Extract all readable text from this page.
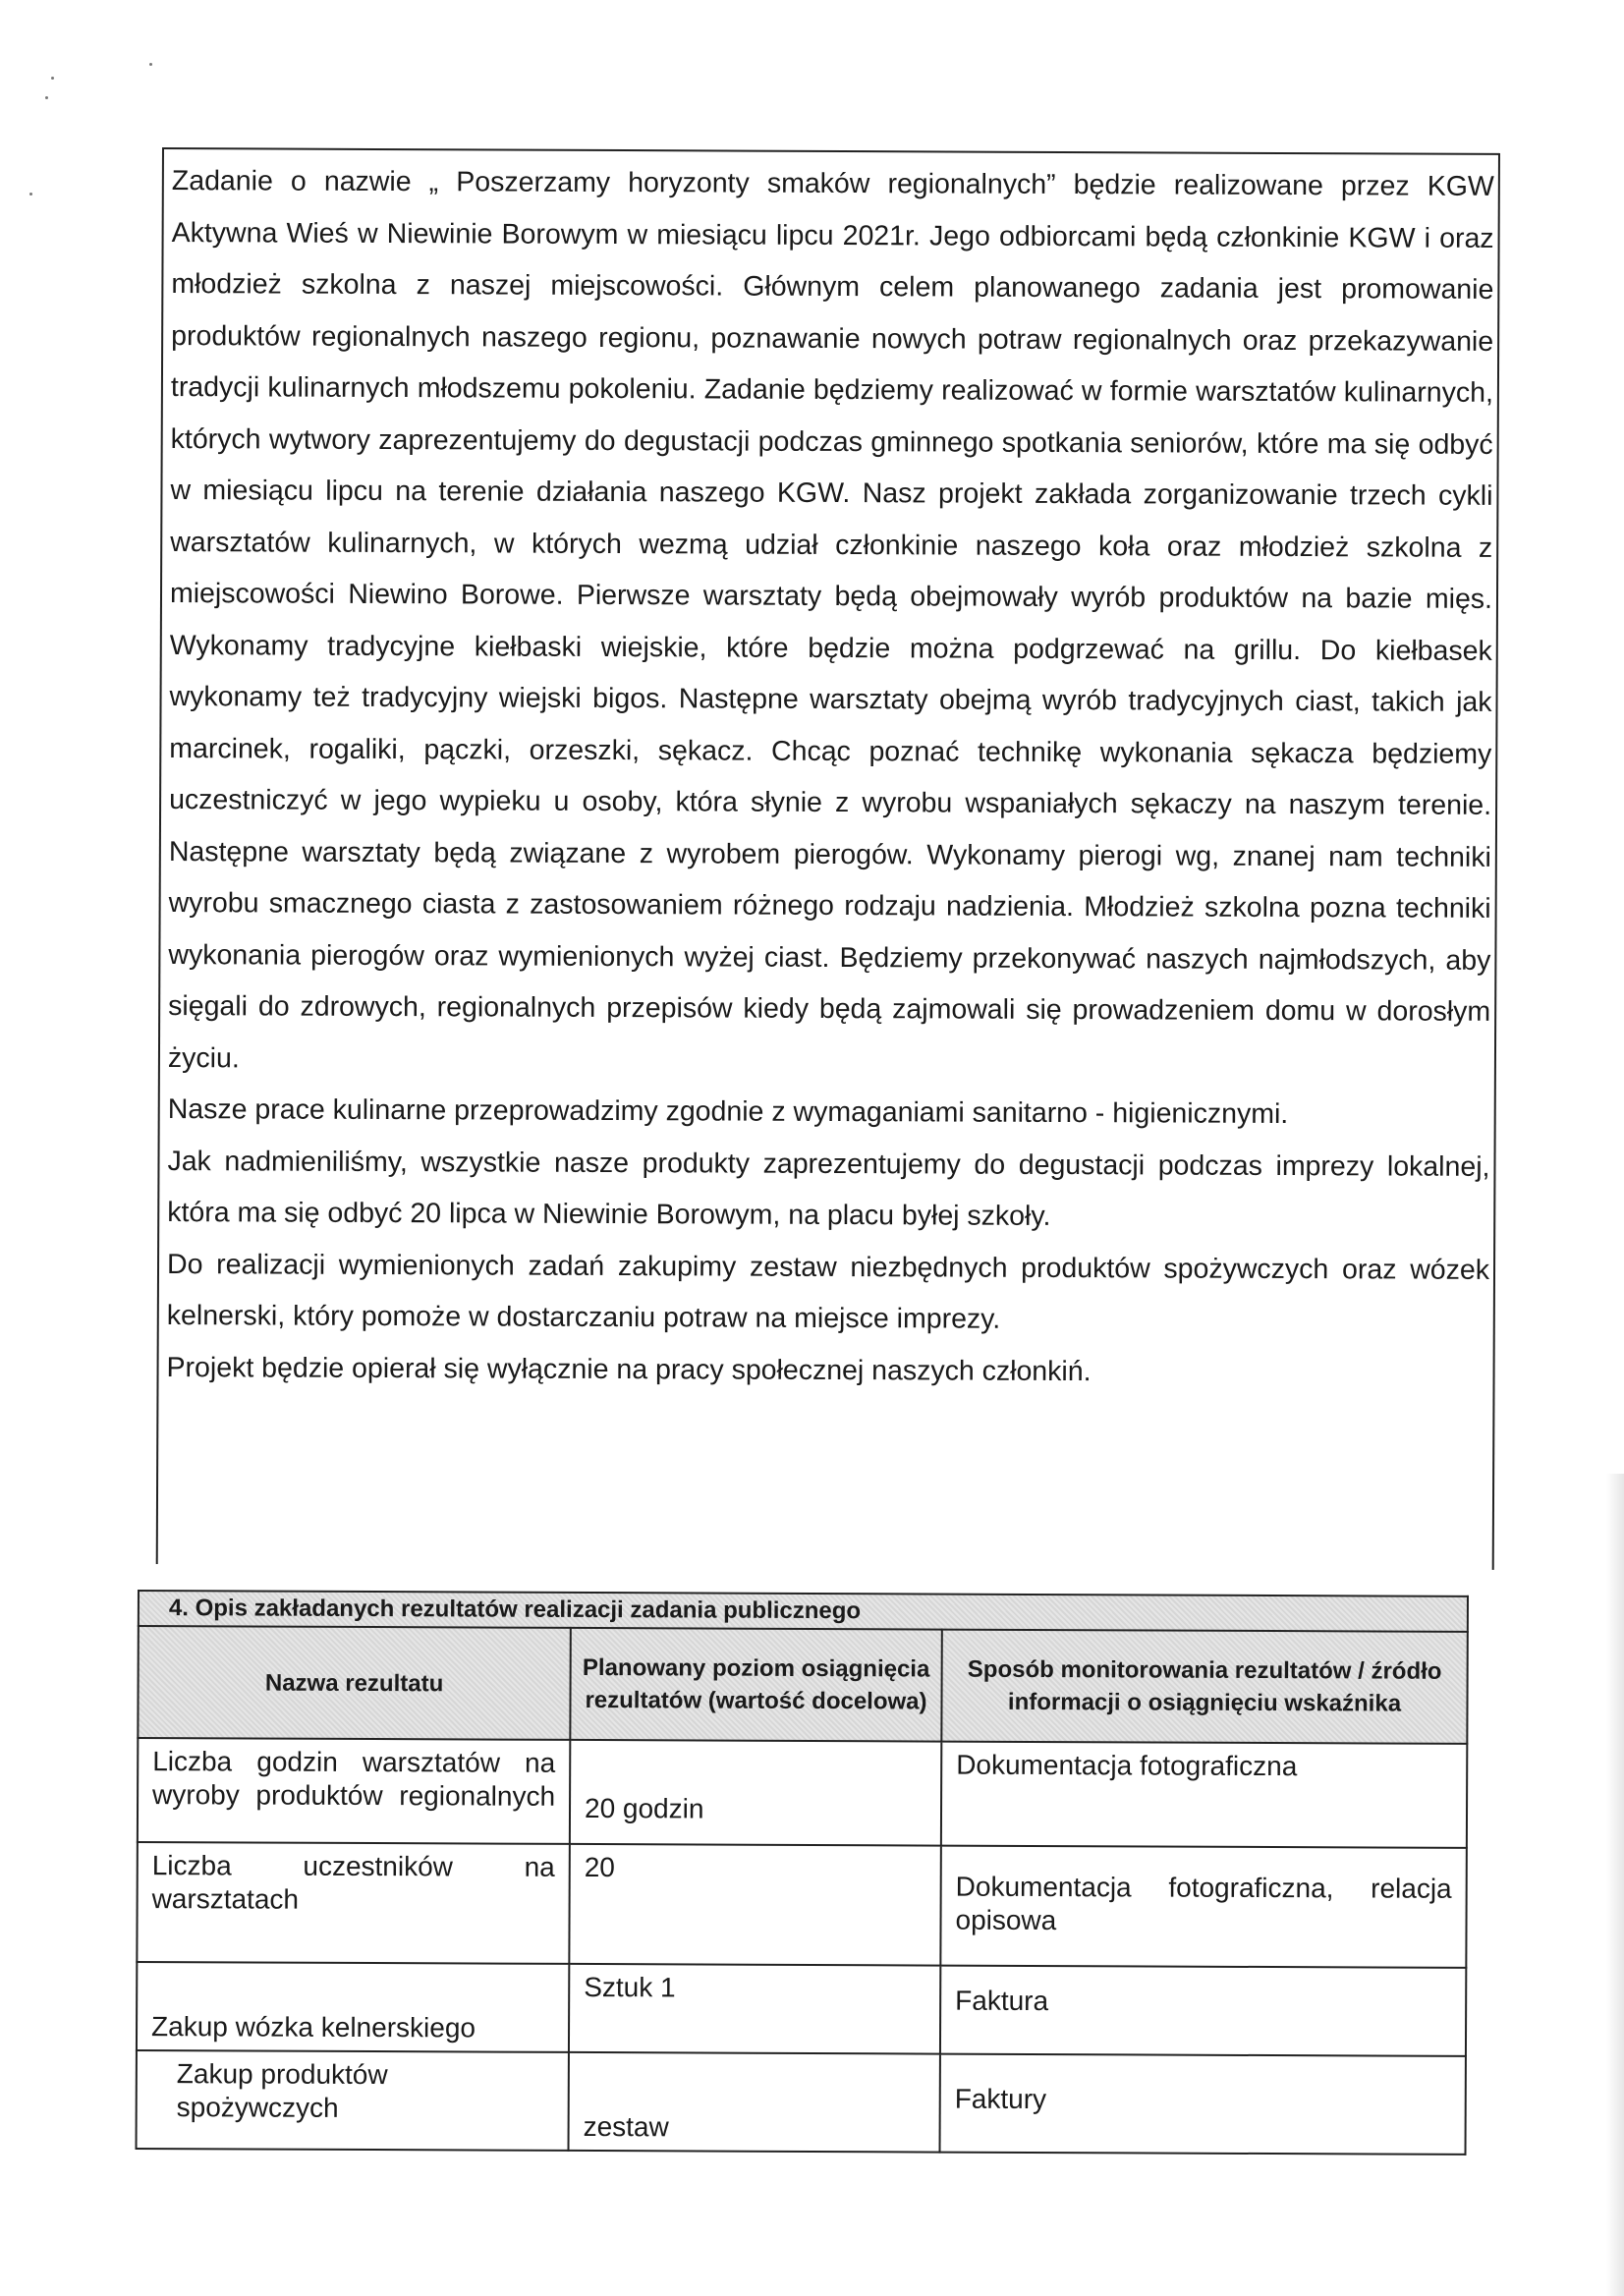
Zadanie o nazwie „ Poszerzamy horyzonty smaków regionalnych” będzie realizowane przez KGW Aktywna Wieś w Niewinie Borowym w miesiącu lipcu 2021r. Jego odbiorcami będą członkinie KGW i oraz młodzież szkolna z naszej miejscowości. Głównym celem planowanego zadania jest promowanie produktów regionalnych naszego regionu, poznawanie nowych potraw regionalnych oraz przekazywanie tradycji kulinarnych młodszemu pokoleniu. Zadanie będziemy realizować w formie warsztatów kulinarnych, których wytwory zaprezentujemy do degustacji podczas gminnego spotkania seniorów, które ma się odbyć w miesiącu lipcu na terenie działania naszego KGW. Nasz projekt zakłada zorganizowanie trzech cykli warsztatów kulinarnych, w których wezmą udział członkinie naszego koła oraz młodzież szkolna z miejscowości Niewino Borowe. Pierwsze warsztaty będą obejmowały wyrób produktów na bazie mięs. Wykonamy tradycyjne kiełbaski wiejskie, które będzie można podgrzewać na grillu. Do kiełbasek wykonamy też tradycyjny wiejski bigos. Następne warsztaty obejmą wyrób tradycyjnych ciast, takich jak marcinek, rogaliki, pączki, orzeszki, sękacz. Chcąc poznać technikę wykonania sękacza będziemy uczestniczyć w jego wypieku u osoby, która słynie z wyrobu wspaniałych sękaczy na naszym terenie. Następne warsztaty będą związane z wyrobem pierogów. Wykonamy pierogi wg, znanej nam techniki wyrobu smacznego ciasta z zastosowaniem różnego rodzaju nadzienia. Młodzież szkolna pozna techniki wykonania pierogów oraz wymienionych wyżej ciast. Będziemy przekonywać naszych najmłodszych, aby sięgali do zdrowych, regionalnych przepisów kiedy będą zajmowali się prowadzeniem domu w dorosłym życiu.

Nasze prace kulinarne przeprowadzimy zgodnie z wymaganiami sanitarno - higienicznymi.

Jak nadmieniliśmy, wszystkie nasze produkty zaprezentujemy do degustacji podczas imprezy lokalnej, która ma się odbyć 20 lipca w Niewinie Borowym, na placu byłej szkoły.

Do realizacji wymienionych zadań zakupimy zestaw niezbędnych produktów spożywczych oraz wózek kelnerski, który pomoże w dostarczaniu potraw na miejsce imprezy.

Projekt będzie opierał się wyłącznie na pracy społecznej naszych członkiń.

4. Opis zakładanych rezultatów realizacji zadania publicznego
Nazwa rezultatu	Planowany poziom osiągnięcia rezultatów (wartość docelowa)	Sposób monitorowania rezultatów / źródło informacji o osiągnięciu wskaźnika
Liczba godzin warsztatów na wyroby produktów regionalnych	20 godzin	Dokumentacja fotograficzna
Liczba uczestników na warsztatach	20	Dokumentacja fotograficzna, relacja opisowa
Zakup wózka kelnerskiego	Sztuk 1	Faktura
Zakup produktów spożywczych	zestaw	Faktury
